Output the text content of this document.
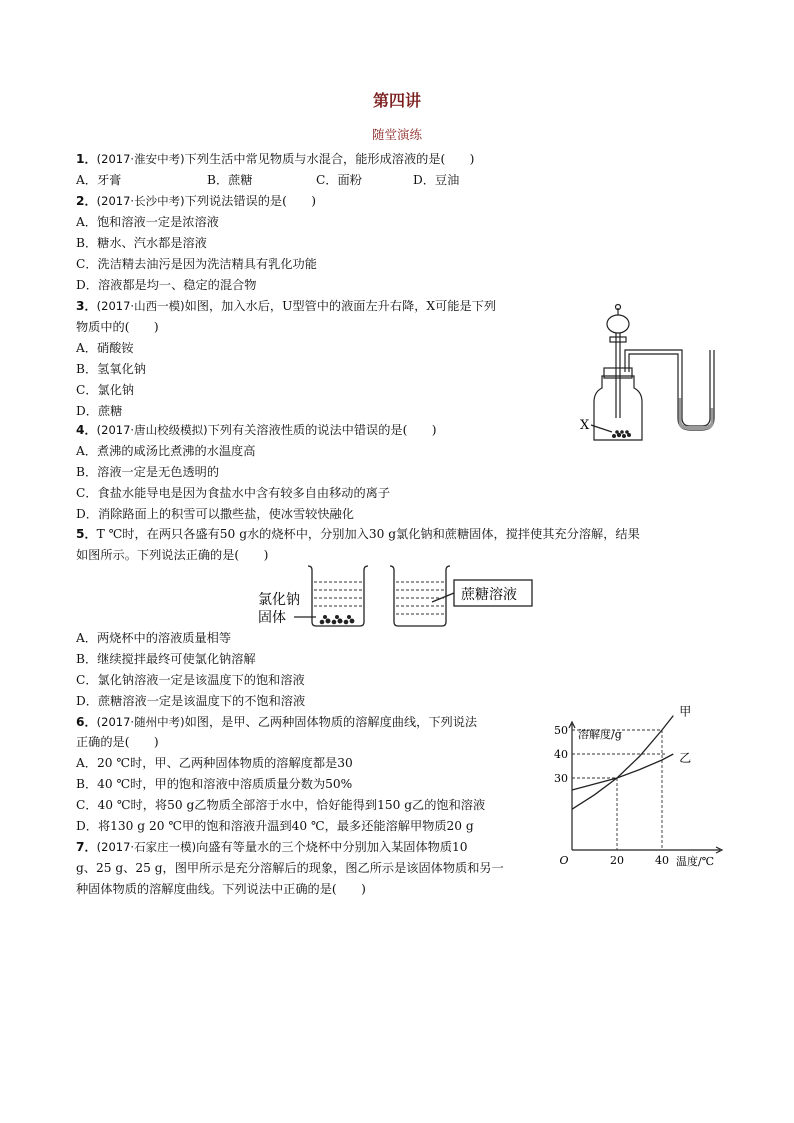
第四讲
随堂演练
1．(2017·淮安中考)下列生活中常见物质与水混合，能形成溶液的是(　　)
A．牙膏	B．蔗糖	C．面粉	D．豆油
2．(2017·长沙中考)下列说法错误的是(　　)
A．饱和溶液一定是浓溶液
B．糖水、汽水都是溶液
C．洗洁精去油污是因为洗洁精具有乳化功能
D．溶液都是均一、稳定的混合物
3．(2017·山西一模)如图，加入水后，U型管中的液面左升右降，X可能是下列
物质中的(　　)
A．硝酸铵
B．氢氧化钠
C．氯化钠
D．蔗糖
X
4．(2017·唐山校级模拟)下列有关溶液性质的说法中错误的是(　　)
A．煮沸的咸汤比煮沸的水温度高
B．溶液一定是无色透明的
C．食盐水能导电是因为食盐水中含有较多自由移动的离子
D．消除路面上的积雪可以撒些盐，使冰雪较快融化
5．T ℃时，在两只各盛有50 g水的烧杯中，分别加入30 g氯化钠和蔗糖固体，搅拌使其充分溶解，结果
如图所示。下列说法正确的是(　　)
氯化钠
固体
蔗糖溶液
A．两烧杯中的溶液质量相等
B．继续搅拌最终可使氯化钠溶解
C．氯化钠溶液一定是该温度下的饱和溶液
D．蔗糖溶液一定是该温度下的不饱和溶液
6．(2017·随州中考)如图，是甲、乙两种固体物质的溶解度曲线，下列说法
正确的是(　　)
A．20 ℃时，甲、乙两种固体物质的溶解度都是30
B．40 ℃时，甲的饱和溶液中溶质质量分数为50%
C．40 ℃时，将50 g乙物质全部溶于水中，恰好能得到150 g乙的饱和溶液
D．将130 g 20 ℃甲的饱和溶液升温到40 ℃，最多还能溶解甲物质20 g
30
40
50
20	40
O
溶解度/g
温度/℃
甲
乙
7．(2017·石家庄一模)向盛有等量水的三个烧杯中分别加入某固体物质10
g、25 g、25 g，图甲所示是充分溶解后的现象，图乙所示是该固体物质和另一
种固体物质的溶解度曲线。下列说法中正确的是(　　)
